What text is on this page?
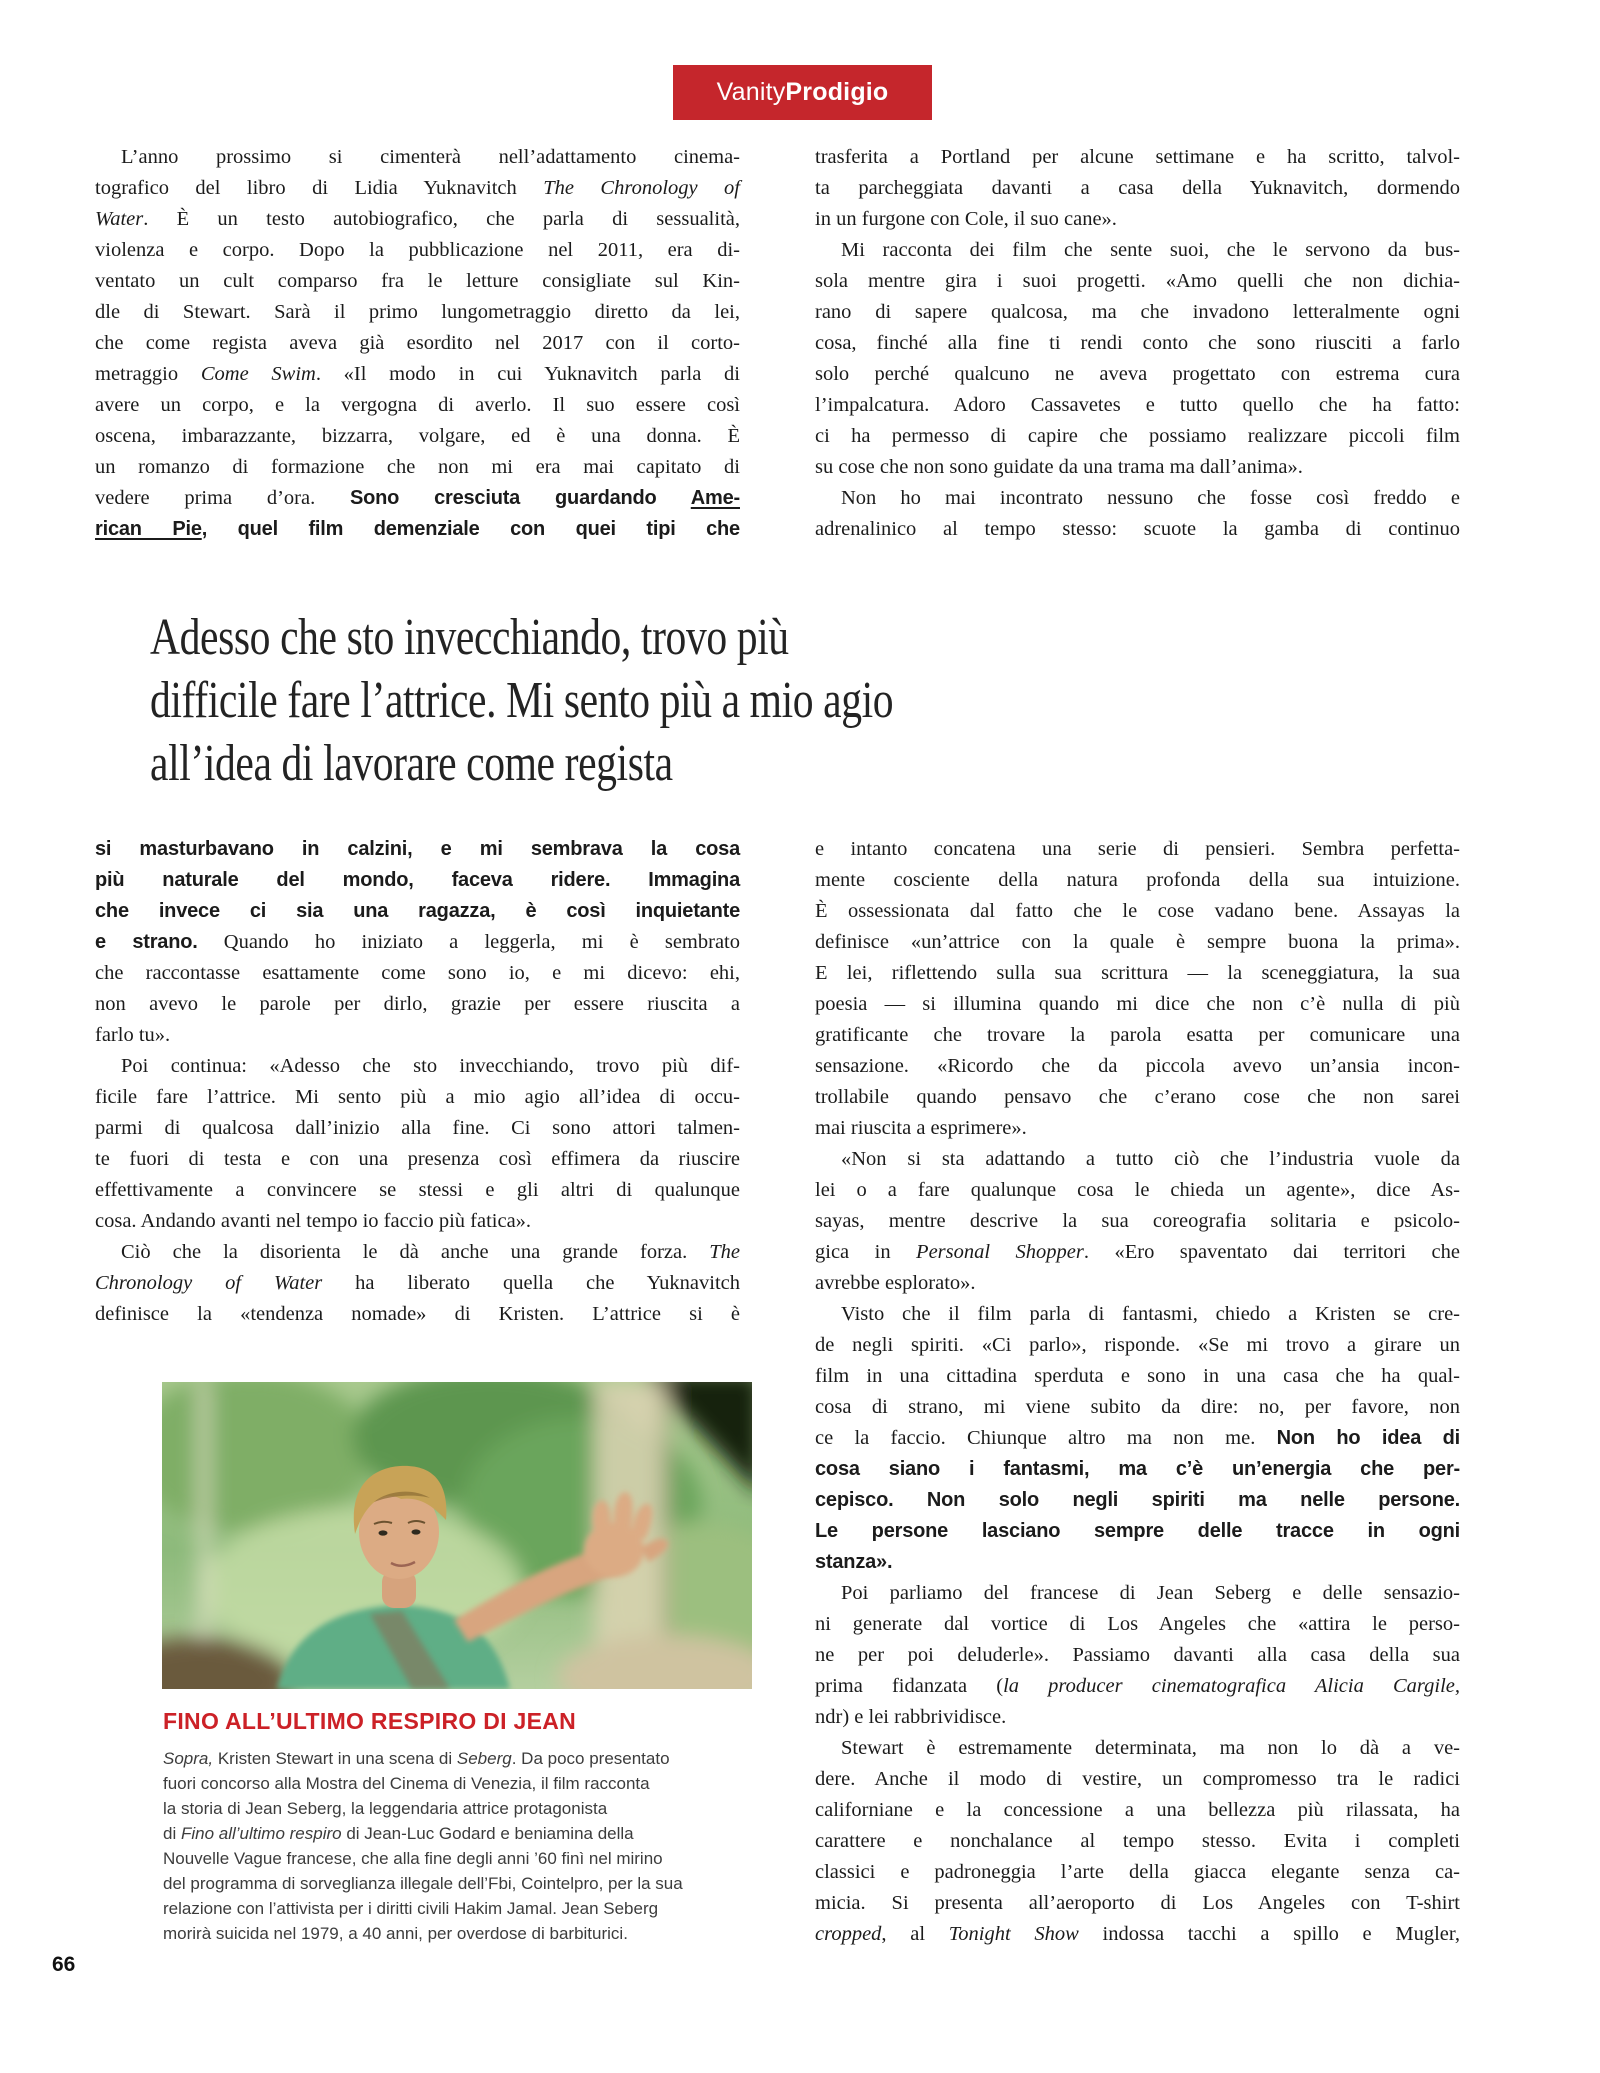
Vanity Prodigio
L’anno prossimo si cimenterà nell’adattamento cinema-
tografico del libro di Lidia Yuknavitch The Chronology of
Water. È un testo autobiografico, che parla di sessualità,
violenza e corpo. Dopo la pubblicazione nel 2011, era di-
ventato un cult comparso fra le letture consigliate sul Kin-
dle di Stewart. Sarà il primo lungometraggio diretto da lei,
che come regista aveva già esordito nel 2017 con il corto-
metraggio Come Swim. «Il modo in cui Yuknavitch parla di
avere un corpo, e la vergogna di averlo. Il suo essere così
oscena, imbarazzante, bizzarra, volgare, ed è una donna. È
un romanzo di formazione che non mi era mai capitato di
vedere prima d’ora. Sono cresciuta guardando Ame-
rican Pie, quel film demenziale con quei tipi che
trasferita a Portland per alcune settimane e ha scritto, talvol-
ta parcheggiata davanti a casa della Yuknavitch, dormendo
in un furgone con Cole, il suo cane».
Mi racconta dei film che sente suoi, che le servono da bus-
sola mentre gira i suoi progetti. «Amo quelli che non dichia-
rano di sapere qualcosa, ma che invadono letteralmente ogni
cosa, finché alla fine ti rendi conto che sono riusciti a farlo
solo perché qualcuno ne aveva progettato con estrema cura
l’impalcatura. Adoro Cassavetes e tutto quello che ha fatto:
ci ha permesso di capire che possiamo realizzare piccoli film
su cose che non sono guidate da una trama ma dall’anima».
Non ho mai incontrato nessuno che fosse così freddo e
adrenalinico al tempo stesso: scuote la gamba di continuo
Adesso che sto invecchiando, trovo più
difficile fare l’attrice. Mi sento più a mio agio
all’idea di lavorare come regista
si masturbavano in calzini, e mi sembrava la cosa
più naturale del mondo, faceva ridere. Immagina
che invece ci sia una ragazza, è così inquietante
e strano. Quando ho iniziato a leggerla, mi è sembrato
che raccontasse esattamente come sono io, e mi dicevo: ehi,
non avevo le parole per dirlo, grazie per essere riuscita a
farlo tu».
Poi continua: «Adesso che sto invecchiando, trovo più dif-
ficile fare l’attrice. Mi sento più a mio agio all’idea di occu-
parmi di qualcosa dall’inizio alla fine. Ci sono attori talmen-
te fuori di testa e con una presenza così effimera da riuscire
effettivamente a convincere se stessi e gli altri di qualunque
cosa. Andando avanti nel tempo io faccio più fatica».
Ciò che la disorienta le dà anche una grande forza. The
Chronology of Water ha liberato quella che Yuknavitch
definisce la «tendenza nomade» di Kristen. L’attrice si è
e intanto concatena una serie di pensieri. Sembra perfetta-
mente cosciente della natura profonda della sua intuizione.
È ossessionata dal fatto che le cose vadano bene. Assayas la
definisce «un’attrice con la quale è sempre buona la prima».
E lei, riflettendo sulla sua scrittura — la sceneggiatura, la sua
poesia — si illumina quando mi dice che non c’è nulla di più
gratificante che trovare la parola esatta per comunicare una
sensazione. «Ricordo che da piccola avevo un’ansia incon-
trollabile quando pensavo che c’erano cose che non sarei
mai riuscita a esprimere».
«Non si sta adattando a tutto ciò che l’industria vuole da
lei o a fare qualunque cosa le chieda un agente», dice As-
sayas, mentre descrive la sua coreografia solitaria e psicolo-
gica in Personal Shopper. «Ero spaventato dai territori che
avrebbe esplorato».
Visto che il film parla di fantasmi, chiedo a Kristen se cre-
de negli spiriti. «Ci parlo», risponde. «Se mi trovo a girare un
film in una cittadina sperduta e sono in una casa che ha qual-
cosa di strano, mi viene subito da dire: no, per favore, non
ce la faccio. Chiunque altro ma non me. Non ho idea di
cosa siano i fantasmi, ma c’è un’energia che per-
cepisco. Non solo negli spiriti ma nelle persone.
Le persone lasciano sempre delle tracce in ogni
stanza».
Poi parliamo del francese di Jean Seberg e delle sensazio-
ni generate dal vortice di Los Angeles che «attira le perso-
ne per poi deluderle». Passiamo davanti alla casa della sua
prima fidanzata (la producer cinematografica Alicia Cargile,
ndr) e lei rabbrividisce.
Stewart è estremamente determinata, ma non lo dà a ve-
dere. Anche il modo di vestire, un compromesso tra le radici
californiane e la concessione a una bellezza più rilassata, ha
carattere e nonchalance al tempo stesso. Evita i completi
classici e padroneggia l’arte della giacca elegante senza ca-
micia. Si presenta all’aeroporto di Los Angeles con T-shirt
cropped, al Tonight Show indossa tacchi a spillo e Mugler,
FINO ALL’ULTIMO RESPIRO DI JEAN
Sopra, Kristen Stewart in una scena di Seberg. Da poco presentato
fuori concorso alla Mostra del Cinema di Venezia, il film racconta
la storia di Jean Seberg, la leggendaria attrice protagonista
di Fino all’ultimo respiro di Jean-Luc Godard e beniamina della
Nouvelle Vague francese, che alla fine degli anni ’60 finì nel mirino
del programma di sorveglianza illegale dell’Fbi, Cointelpro, per la sua
relazione con l’attivista per i diritti civili Hakim Jamal. Jean Seberg
morirà suicida nel 1979, a 40 anni, per overdose di barbiturici.
66
